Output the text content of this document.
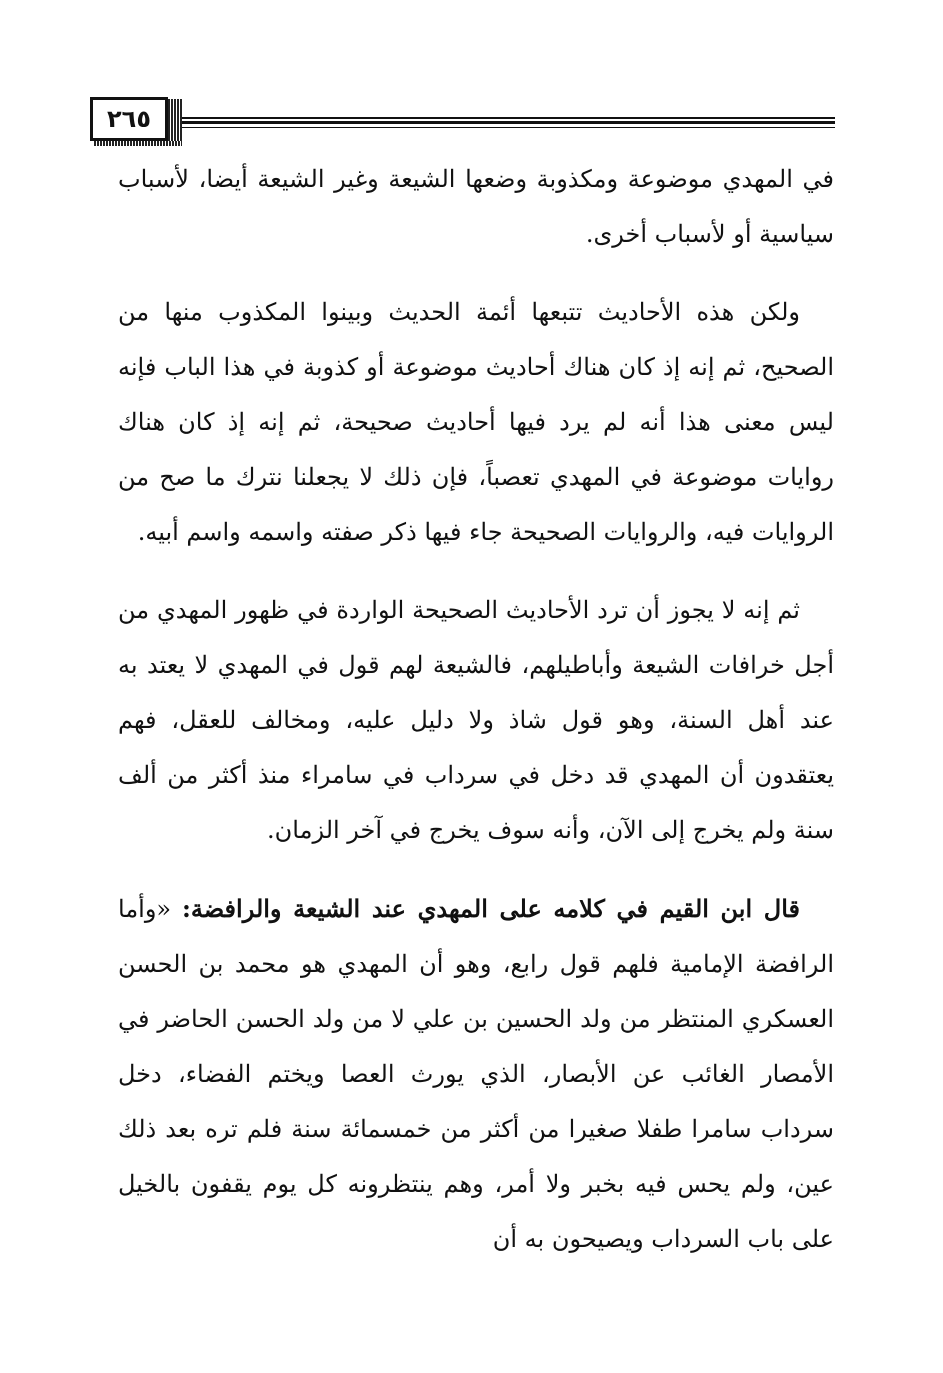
٢٦٥

في المهدي موضوعة ومكذوبة وضعها الشيعة وغير الشيعة أيضا، لأسباب سياسية أو لأسباب أخرى.

ولكن هذه الأحاديث تتبعها أئمة الحديث وبينوا المكذوب منها من الصحيح، ثم إنه إذ كان هناك أحاديث موضوعة أو كذوبة في هذا الباب فإنه ليس معنى هذا أنه لم يرد فيها أحاديث صحيحة، ثم إنه إذ كان هناك روايات موضوعة في المهدي تعصباً، فإن ذلك لا يجعلنا نترك ما صح من الروايات فيه، والروايات الصحيحة جاء فيها ذكر صفته واسمه واسم أبيه.

ثم إنه لا يجوز أن ترد الأحاديث الصحيحة الواردة في ظهور المهدي من أجل خرافات الشيعة وأباطيلهم، فالشيعة لهم قول في المهدي لا يعتد به عند أهل السنة، وهو قول شاذ ولا دليل عليه، ومخالف للعقل، فهم يعتقدون أن المهدي قد دخل في سرداب في سامراء منذ أكثر من ألف سنة ولم يخرج إلى الآن، وأنه سوف يخرج في آخر الزمان.

قال ابن القيم في كلامه على المهدي عند الشيعة والرافضة: «وأما الرافضة الإمامية فلهم قول رابع، وهو أن المهدي هو محمد بن الحسن العسكري المنتظر من ولد الحسين بن علي لا من ولد الحسن الحاضر في الأمصار الغائب عن الأبصار، الذي يورث العصا ويختم الفضاء، دخل سرداب سامرا طفلا صغيرا من أكثر من خمسمائة سنة فلم تره بعد ذلك عين، ولم يحس فيه بخبر ولا أمر، وهم ينتظرونه كل يوم يقفون بالخيل على باب السرداب ويصيحون به أن
